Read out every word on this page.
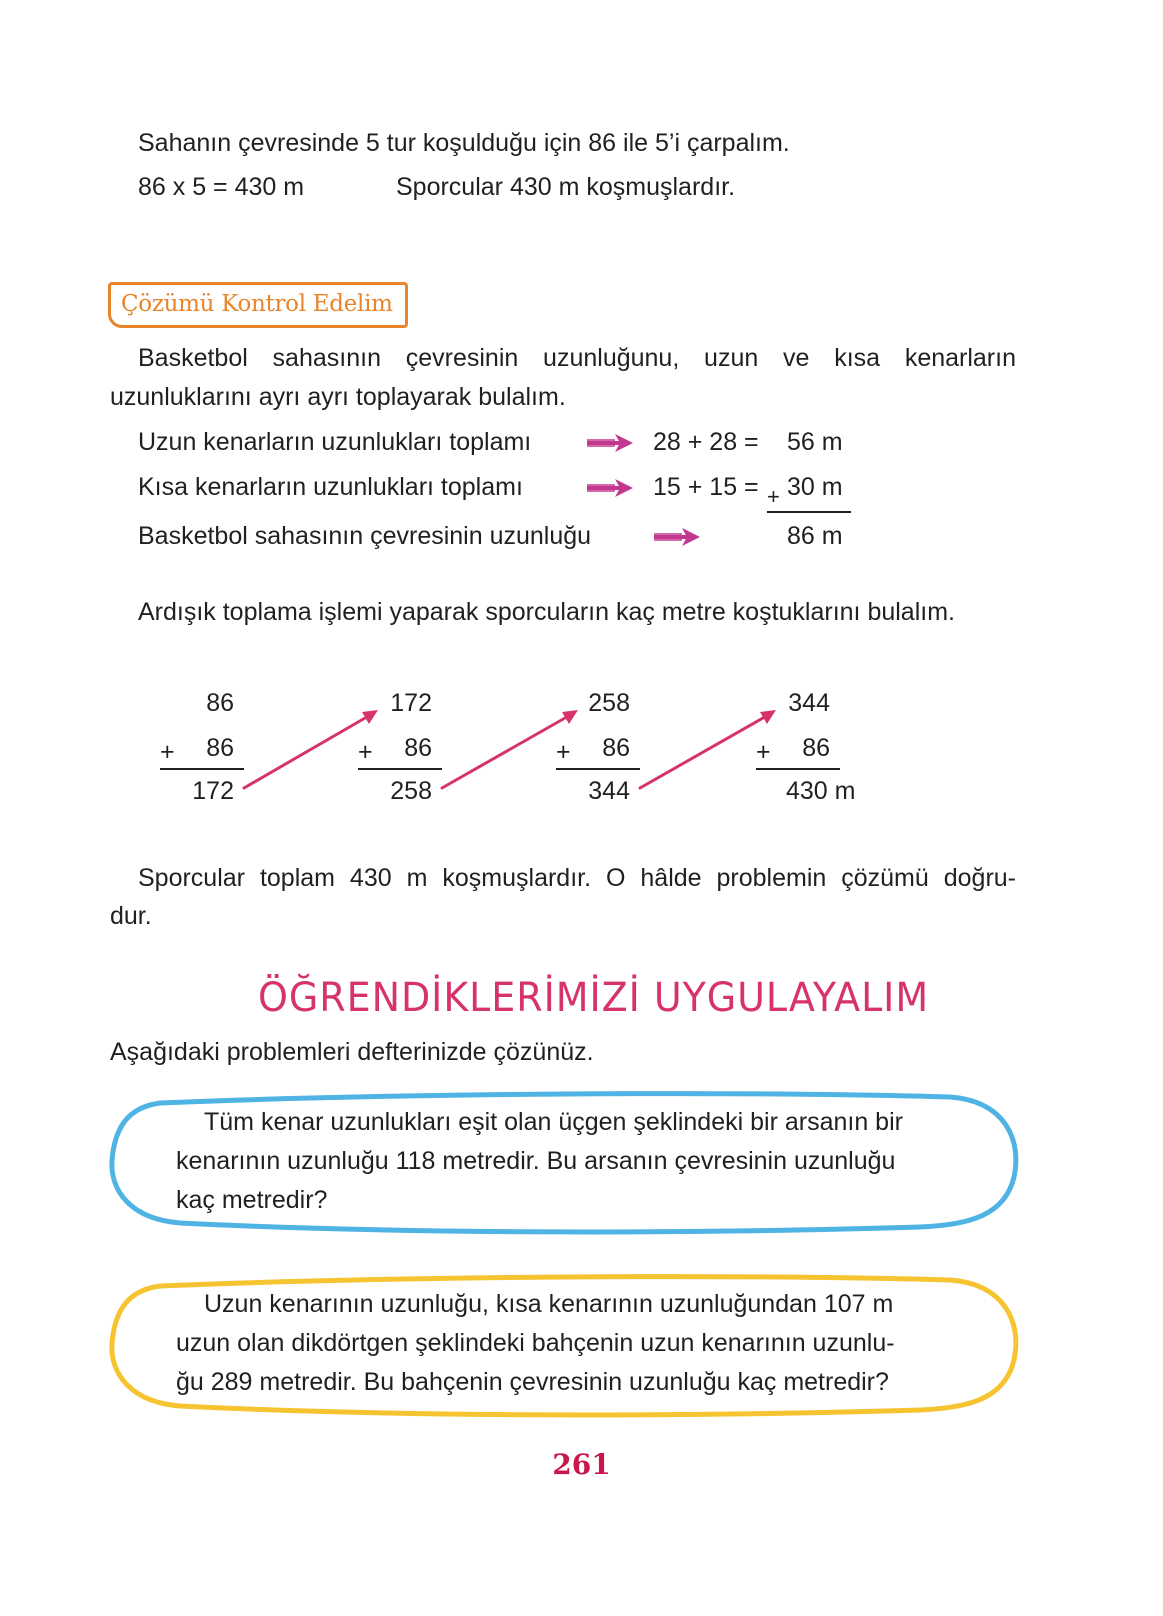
Sahanın çevresinde 5 tur koşulduğu için 86 ile 5’i çarpalım.
86 x 5 = 430 m	Sporcular 430 m koşmuşlardır.
Çözümü Kontrol Edelim
Basketbol sahasının çevresinin uzunluğunu, uzun ve kısa kenarların
uzunluklarını ayrı ayrı toplayarak bulalım.
Uzun kenarların uzunlukları toplamı	28 + 28 = 56 m
Kısa kenarların uzunlukları toplamı	15 + 15 = + 30 m
Basketbol sahasının çevresinin uzunluğu	86 m
Ardışık toplama işlemi yaparak sporcuların kaç metre koştuklarını bulalım.
86
+	86
172
172
+	86
258
258
+	86
344
344
+	86
430 m
Sporcular toplam 430 m koşmuşlardır. O hâlde problemin çözümü doğru-
dur.
ÖĞRENDİKLERİMİZİ UYGULAYALIM
Aşağıdaki problemleri defterinizde çözünüz.
Tüm kenar uzunlukları eşit olan üçgen şeklindeki bir arsanın bir
kenarının uzunluğu 118 metredir. Bu arsanın çevresinin uzunluğu
kaç metredir?
Uzun kenarının uzunluğu, kısa kenarının uzunluğundan 107 m
uzun olan dikdörtgen şeklindeki bahçenin uzun kenarının uzunlu-
ğu 289 metredir. Bu bahçenin çevresinin uzunluğu kaç metredir?
261
